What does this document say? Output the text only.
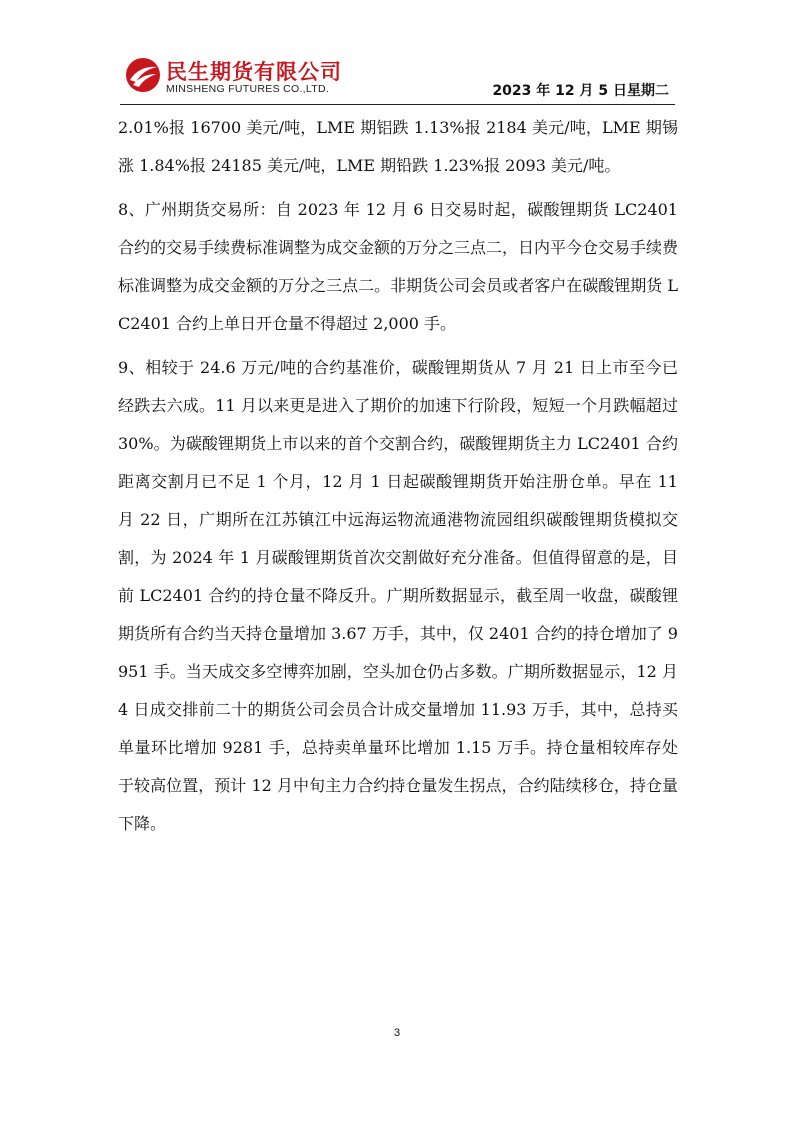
民生期货有限公司
MINSHENG FUTURES CO.,LTD.	2023 年 12 月 5 日星期二

2.01%报 16700 美元/吨，LME 期铝跌 1.13%报 2184 美元/吨，LME 期锡涨 1.84%报 24185 美元/吨，LME 期铅跌 1.23%报 2093 美元/吨。

8、广州期货交易所：自 2023 年 12 月 6 日交易时起，碳酸锂期货 LC2401 合约的交易手续费标准调整为成交金额的万分之三点二，日内平今仓交易手续费标准调整为成交金额的万分之三点二。非期货公司会员或者客户在碳酸锂期货 LC2401 合约上单日开仓量不得超过 2,000 手。

9、相较于 24.6 万元/吨的合约基准价，碳酸锂期货从 7 月 21 日上市至今已经跌去六成。11 月以来更是进入了期价的加速下行阶段，短短一个月跌幅超过 30%。为碳酸锂期货上市以来的首个交割合约，碳酸锂期货主力 LC2401 合约距离交割月已不足 1 个月，12 月 1 日起碳酸锂期货开始注册仓单。早在 11 月 22 日，广期所在江苏镇江中远海运物流通港物流园组织碳酸锂期货模拟交割，为 2024 年 1 月碳酸锂期货首次交割做好充分准备。但值得留意的是，目前 LC2401 合约的持仓量不降反升。广期所数据显示，截至周一收盘，碳酸锂期货所有合约当天持仓量增加 3.67 万手，其中，仅 2401 合约的持仓增加了 9951 手。当天成交多空博弈加剧，空头加仓仍占多数。广期所数据显示，12 月 4 日成交排前二十的期货公司会员合计成交量增加 11.93 万手，其中，总持买单量环比增加 9281 手，总持卖单量环比增加 1.15 万手。持仓量相较库存处于较高位置，预计 12 月中旬主力合约持仓量发生拐点，合约陆续移仓，持仓量下降。

3
